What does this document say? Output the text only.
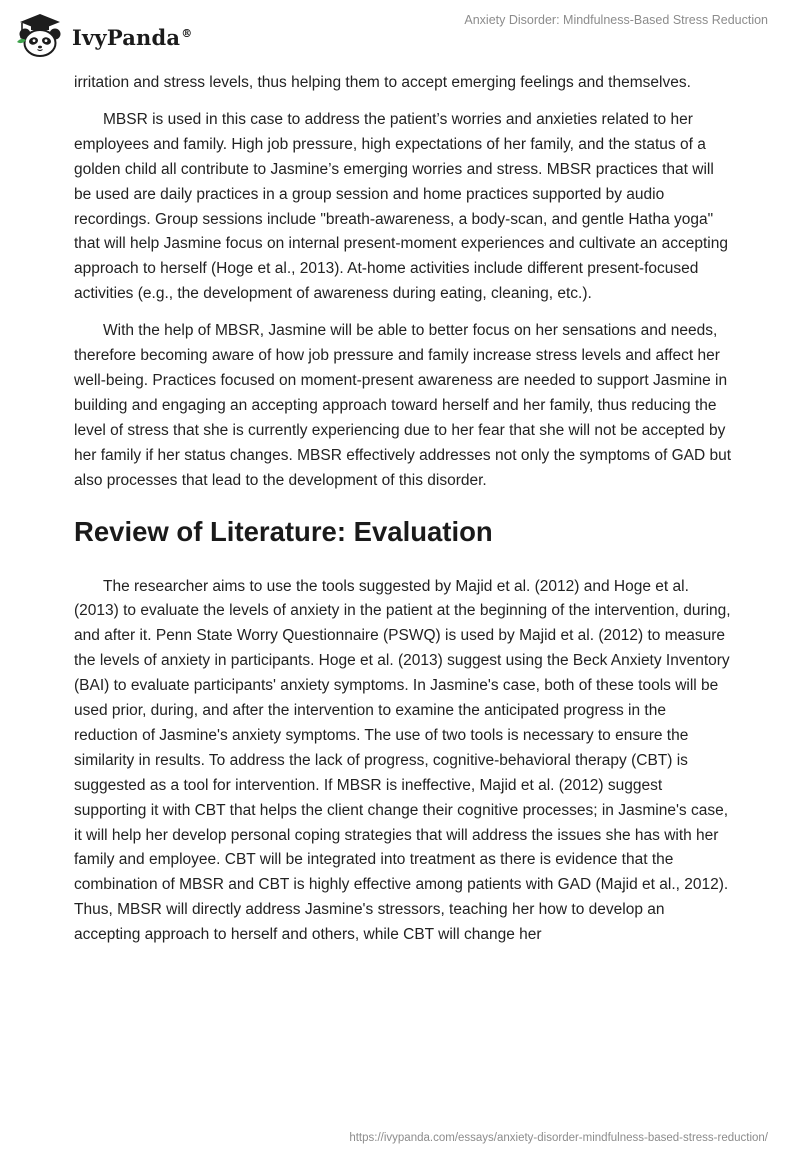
IvyPanda®
Anxiety Disorder: Mindfulness-Based Stress Reduction

irritation and stress levels, thus helping them to accept emerging feelings and themselves.

MBSR is used in this case to address the patient’s worries and anxieties related to her employees and family. High job pressure, high expectations of her family, and the status of a golden child all contribute to Jasmine’s emerging worries and stress. MBSR practices that will be used are daily practices in a group session and home practices supported by audio recordings. Group sessions include "breath-awareness, a body-scan, and gentle Hatha yoga" that will help Jasmine focus on internal present-moment experiences and cultivate an accepting approach to herself (Hoge et al., 2013). At-home activities include different present-focused activities (e.g., the development of awareness during eating, cleaning, etc.).

With the help of MBSR, Jasmine will be able to better focus on her sensations and needs, therefore becoming aware of how job pressure and family increase stress levels and affect her well-being. Practices focused on moment-present awareness are needed to support Jasmine in building and engaging an accepting approach toward herself and her family, thus reducing the level of stress that she is currently experiencing due to her fear that she will not be accepted by her family if her status changes. MBSR effectively addresses not only the symptoms of GAD but also processes that lead to the development of this disorder.

Review of Literature: Evaluation

The researcher aims to use the tools suggested by Majid et al. (2012) and Hoge et al. (2013) to evaluate the levels of anxiety in the patient at the beginning of the intervention, during, and after it. Penn State Worry Questionnaire (PSWQ) is used by Majid et al. (2012) to measure the levels of anxiety in participants. Hoge et al. (2013) suggest using the Beck Anxiety Inventory (BAI) to evaluate participants' anxiety symptoms. In Jasmine's case, both of these tools will be used prior, during, and after the intervention to examine the anticipated progress in the reduction of Jasmine's anxiety symptoms. The use of two tools is necessary to ensure the similarity in results. To address the lack of progress, cognitive-behavioral therapy (CBT) is suggested as a tool for intervention. If MBSR is ineffective, Majid et al. (2012) suggest supporting it with CBT that helps the client change their cognitive processes; in Jasmine's case, it will help her develop personal coping strategies that will address the issues she has with her family and employee. CBT will be integrated into treatment as there is evidence that the combination of MBSR and CBT is highly effective among patients with GAD (Majid et al., 2012). Thus, MBSR will directly address Jasmine's stressors, teaching her how to develop an accepting approach to herself and others, while CBT will change her

https://ivypanda.com/essays/anxiety-disorder-mindfulness-based-stress-reduction/
